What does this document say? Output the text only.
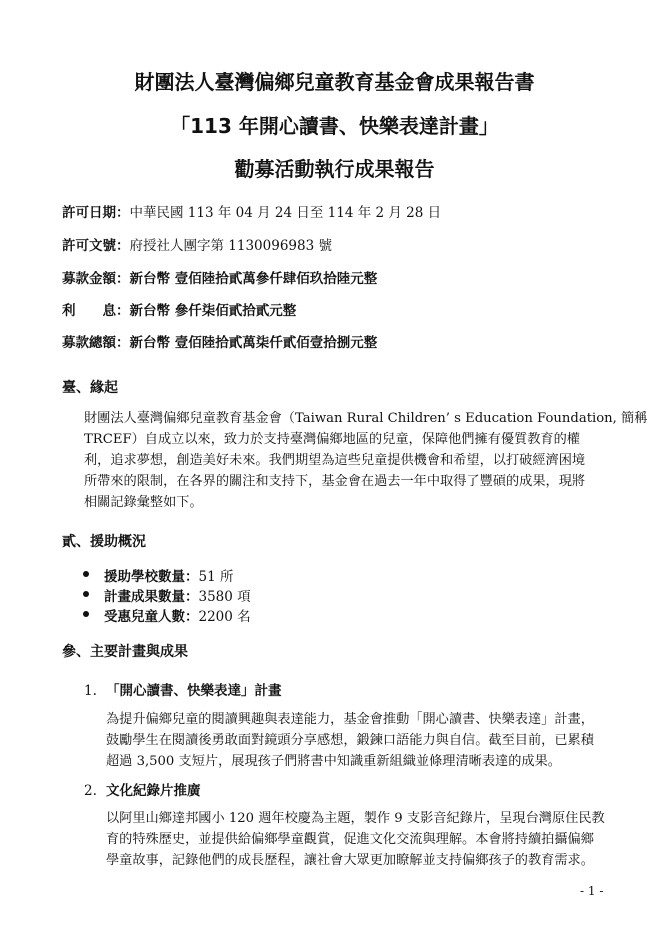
財團法人臺灣偏鄉兒童教育基金會成果報告書
「113 年開心讀書、快樂表達計畫」
勸募活動執行成果報告
許可日期：中華民國 113 年 04 月 24 日至 114 年 2 月 28 日
許可文號：府授社人團字第 1130096983 號
募款金額：新台幣 壹佰陸拾貳萬參仟肆佰玖拾陸元整
利　　息：新台幣 參仟柒佰貳拾貳元整
募款總額：新台幣 壹佰陸拾貳萬柒仟貳佰壹拾捌元整
臺、緣起
財團法人臺灣偏鄉兒童教育基金會（Taiwan Rural Children’ s Education Foundation, 簡稱
TRCEF）自成立以來，致力於支持臺灣偏鄉地區的兒童，保障他們擁有優質教育的權
利，追求夢想，創造美好未來。我們期望為這些兒童提供機會和希望，以打破經濟困境
所帶來的限制，在各界的關注和支持下，基金會在過去一年中取得了豐碩的成果，現將
相關記錄彙整如下。
貳、援助概況
援助學校數量：51 所
計畫成果數量：3580 項
受惠兒童人數：2200 名
參、主要計畫與成果
1. 「開心讀書、快樂表達」計畫
為提升偏鄉兒童的閱讀興趣與表達能力，基金會推動「開心讀書、快樂表達」計畫，
鼓勵學生在閱讀後勇敢面對鏡頭分享感想，鍛鍊口語能力與自信。截至目前，已累積
超過 3,500 支短片，展現孩子們將書中知識重新組織並條理清晰表達的成果。
2. 文化紀錄片推廣
以阿里山鄉達邦國小 120 週年校慶為主題，製作 9 支影音紀錄片，呈現台灣原住民教
育的特殊歷史，並提供給偏鄉學童觀賞，促進文化交流與理解。本會將持續拍攝偏鄉
學童故事，記錄他們的成長歷程，讓社會大眾更加瞭解並支持偏鄉孩子的教育需求。
- 1 -
